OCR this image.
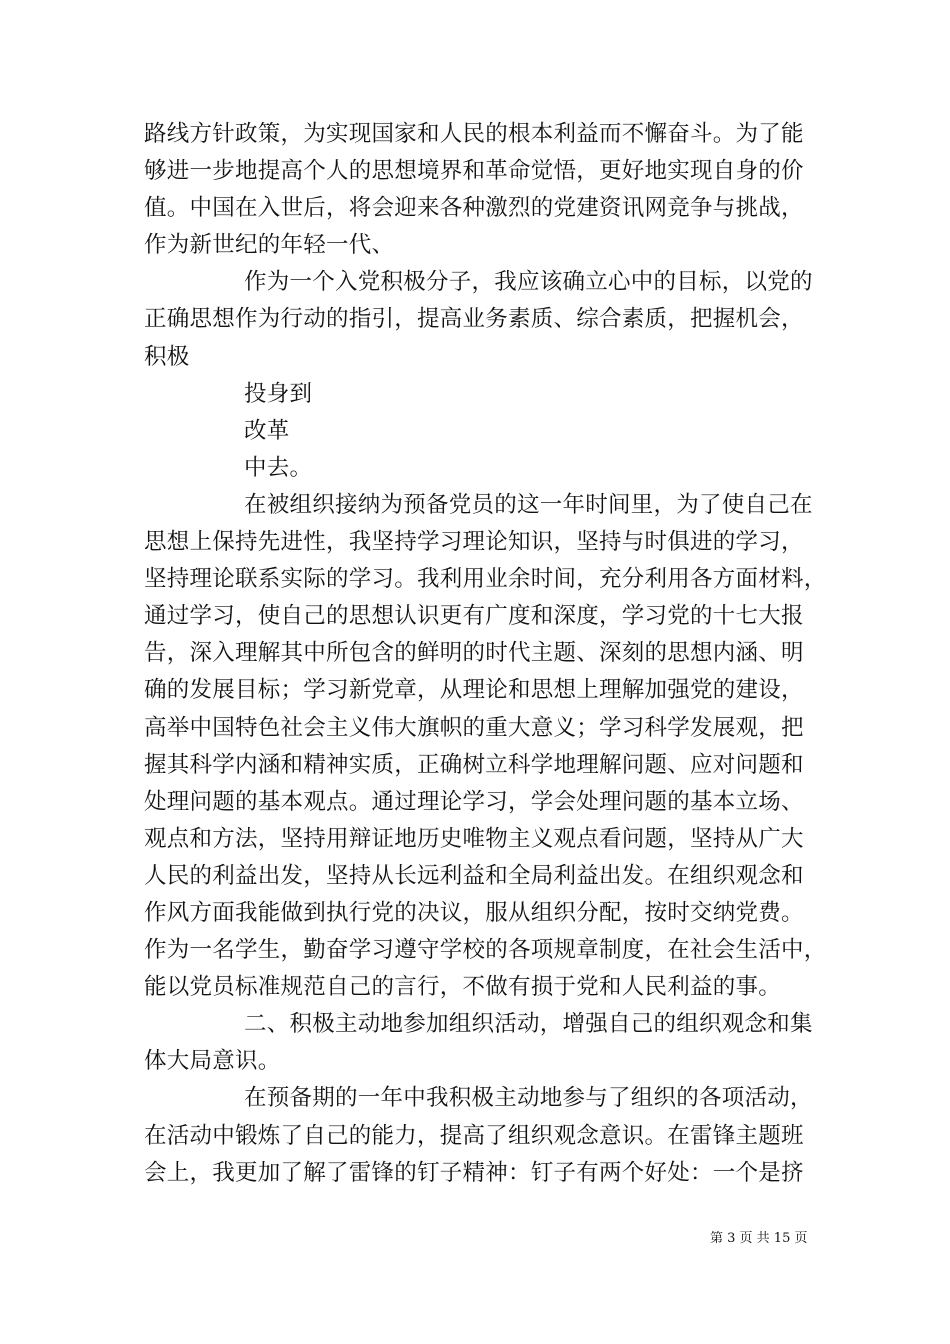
路线方针政策，为实现国家和人民的根本利益而不懈奋斗。为了能
够进一步地提高个人的思想境界和革命觉悟，更好地实现自身的价
值。中国在入世后，将会迎来各种激烈的党建资讯网竞争与挑战，
作为新世纪的年轻一代、
作为一个入党积极分子，我应该确立心中的目标，以党的
正确思想作为行动的指引，提高业务素质、综合素质，把握机会，
积极
投身到
改革
中去。
在被组织接纳为预备党员的这一年时间里，为了使自己在
思想上保持先进性，我坚持学习理论知识，坚持与时俱进的学习，
坚持理论联系实际的学习。我利用业余时间，充分利用各方面材料，
通过学习，使自己的思想认识更有广度和深度，学习党的十七大报
告，深入理解其中所包含的鲜明的时代主题、深刻的思想内涵、明
确的发展目标；学习新党章，从理论和思想上理解加强党的建设，
高举中国特色社会主义伟大旗帜的重大意义；学习科学发展观，把
握其科学内涵和精神实质，正确树立科学地理解问题、应对问题和
处理问题的基本观点。通过理论学习，学会处理问题的基本立场、
观点和方法，坚持用辩证地历史唯物主义观点看问题，坚持从广大
人民的利益出发，坚持从长远利益和全局利益出发。在组织观念和
作风方面我能做到执行党的决议，服从组织分配，按时交纳党费。
作为一名学生，勤奋学习遵守学校的各项规章制度，在社会生活中，
能以党员标准规范自己的言行，不做有损于党和人民利益的事。
二、积极主动地参加组织活动，增强自己的组织观念和集
体大局意识。
在预备期的一年中我积极主动地参与了组织的各项活动，
在活动中锻炼了自己的能力，提高了组织观念意识。在雷锋主题班
会上，我更加了解了雷锋的钉子精神：钉子有两个好处：一个是挤
第 3 页 共 15 页
